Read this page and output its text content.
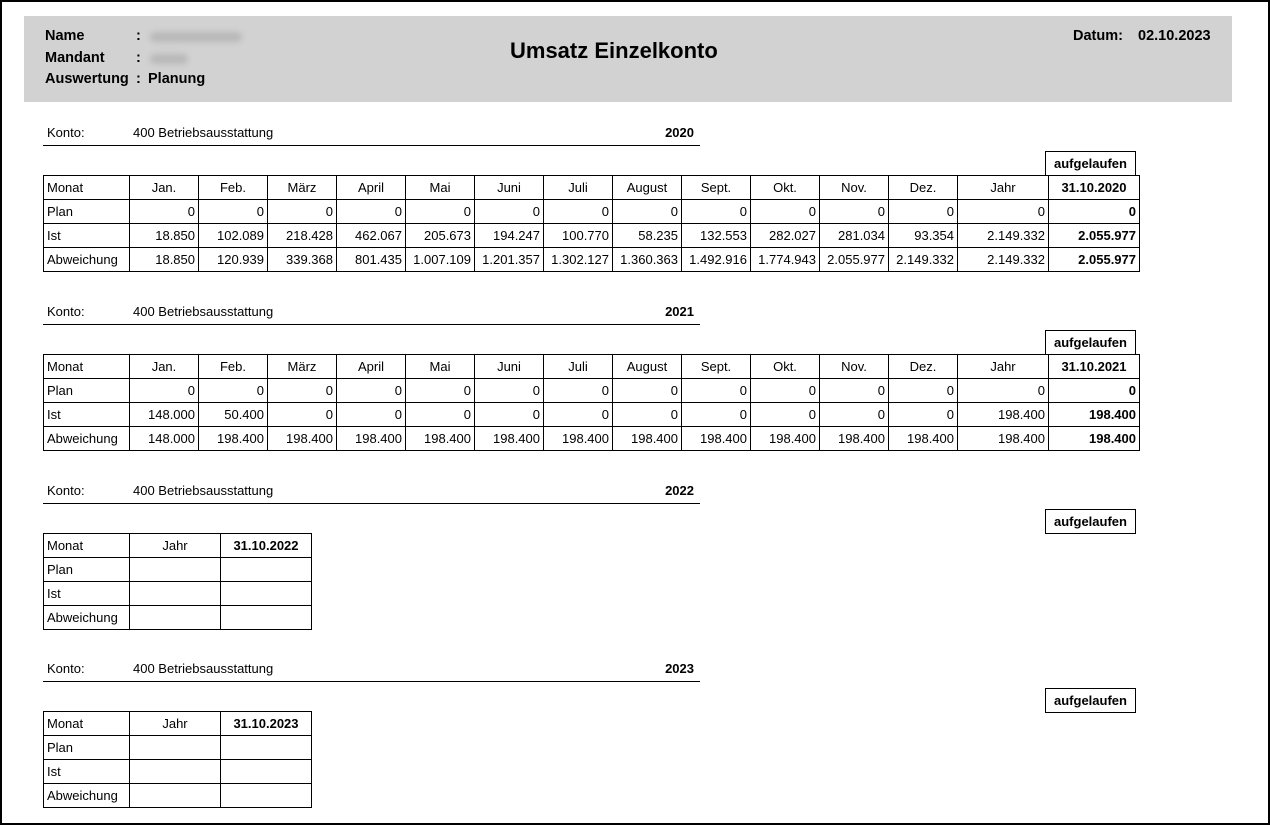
Name	:
Mandant :
Auswertung : Planung
Datum: 02.10.2023
Umsatz Einzelkonto
Konto:	400 Betriebsausstattung	2020
aufgelaufen
Monat	Jan.	Feb.	März	April	Mai	Juni	Juli	August	Sept.	Okt.	Nov.	Dez.	Jahr	31.10.2020
Plan	0	0	0	0	0	0	0	0	0	0	0	0	0	0
Ist	18.850	102.089	218.428	462.067	205.673	194.247	100.770	58.235	132.553	282.027	281.034	93.354	2.149.332	2.055.977
Abweichung	18.850	120.939	339.368	801.435	1.007.109	1.201.357	1.302.127	1.360.363	1.492.916	1.774.943	2.055.977	2.149.332	2.149.332	2.055.977
Konto:	400 Betriebsausstattung	2021
aufgelaufen
Monat	Jan.	Feb.	März	April	Mai	Juni	Juli	August	Sept.	Okt.	Nov.	Dez.	Jahr	31.10.2021
Plan	0	0	0	0	0	0	0	0	0	0	0	0	0	0
Ist	148.000	50.400	0	0	0	0	0	0	0	0	0	0	198.400	198.400
Abweichung	148.000	198.400	198.400	198.400	198.400	198.400	198.400	198.400	198.400	198.400	198.400	198.400	198.400	198.400
Konto:	400 Betriebsausstattung	2022
aufgelaufen
Monat	Jahr	31.10.2022
Plan		
Ist		
Abweichung		
Konto:	400 Betriebsausstattung	2023
aufgelaufen
Monat	Jahr	31.10.2023
Plan		
Ist		
Abweichung		
